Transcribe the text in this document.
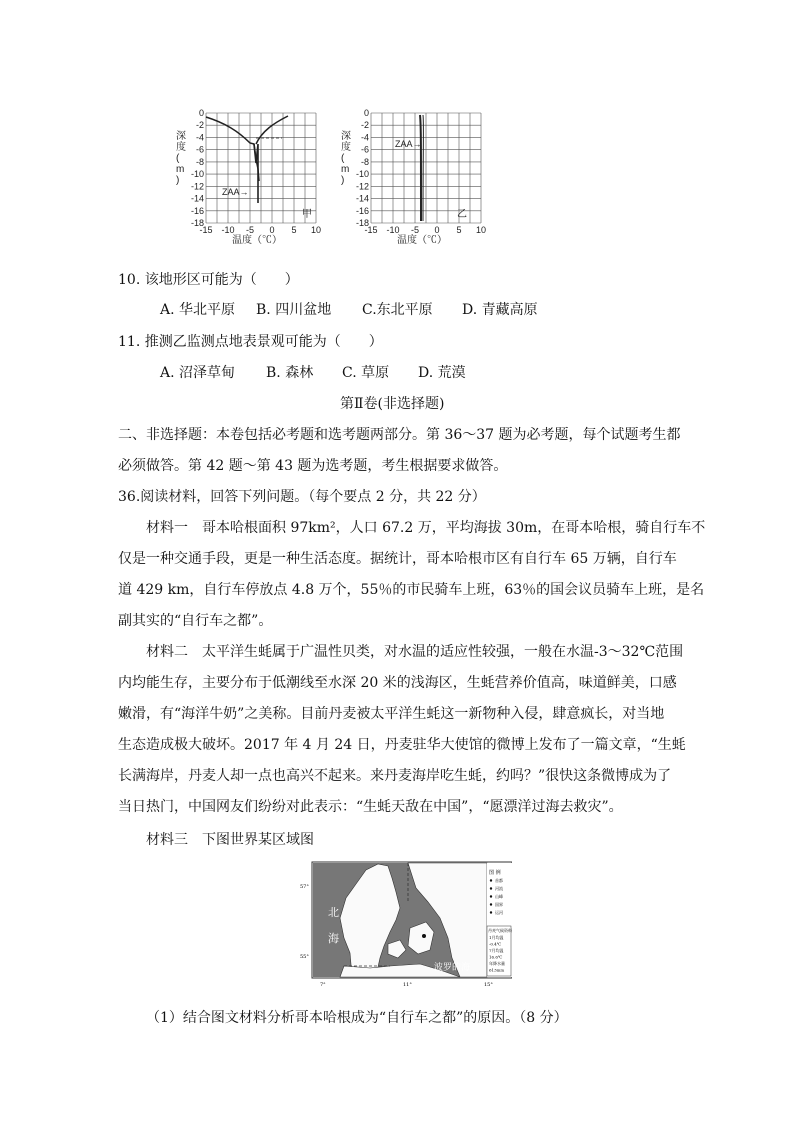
0
-2
-4
-6
-8
-10
-12
-14
-16
-18
-15 -10 -5 0 5 10
深
度
(
m
)
ZAA→
甲
温度（℃）
0
-2
-4
-6
-8
-10
-12
-14
-16
-18
-15 -10 -5 0 5 10
深
度
(
m
)
ZAA→
乙
温度（℃）
10. 该地形区可能为（　　）
A. 华北平原 B. 四川盆地 C.东北平原 D. 青藏高原
11. 推测乙监测点地表景观可能为（　　）
A. 沼泽草甸 B. 森林 C. 草原 D. 荒漠
第Ⅱ卷(非选择题)
二、非选择题：本卷包括必考题和选考题两部分。第 36～37 题为必考题，每个试题考生都
必须做答。第 42 题～第 43 题为选考题，考生根据要求做答。
36.阅读材料，回答下列问题。（每个要点 2 分，共 22 分）
材料一　哥本哈根面积 97km²，人口 67.2 万，平均海拔 30m，在哥本哈根，骑自行车不
仅是一种交通手段，更是一种生活态度。据统计，哥本哈根市区有自行车 65 万辆，自行车
道 429 km，自行车停放点 4.8 万个，55％的市民骑车上班，63％的国会议员骑车上班，是名
副其实的“自行车之都”。
材料二　太平洋生蚝属于广温性贝类，对水温的适应性较强，一般在水温-3～32℃范围
内均能生存，主要分布于低潮线至水深 20 米的浅海区，生蚝营养价值高，味道鲜美，口感
嫩滑，有“海洋牛奶”之美称。目前丹麦被太平洋生蚝这一新物种入侵，肆意疯长，对当地
生态造成极大破坏。2017 年 4 月 24 日，丹麦驻华大使馆的微博上发布了一篇文章，“生蚝
长满海岸，丹麦人却一点也高兴不起来。来丹麦海岸吃生蚝，约吗？”很快这条微博成为了
当日热门，中国网友们纷纷对此表示：“生蚝天敌在中国”，“愿漂洋过海去救灾”。
材料三　下图世界某区域图
北
海
波罗的海
图 例
首都
河流
山峰
国界
运河
丹麦气候资料
1月均温
-0.4℃
7月均温
16.6℃
年降水量
613mm
57°
55°
7°	11°	15°
（1）结合图文材料分析哥本哈根成为“自行车之都”的原因。（8 分）
